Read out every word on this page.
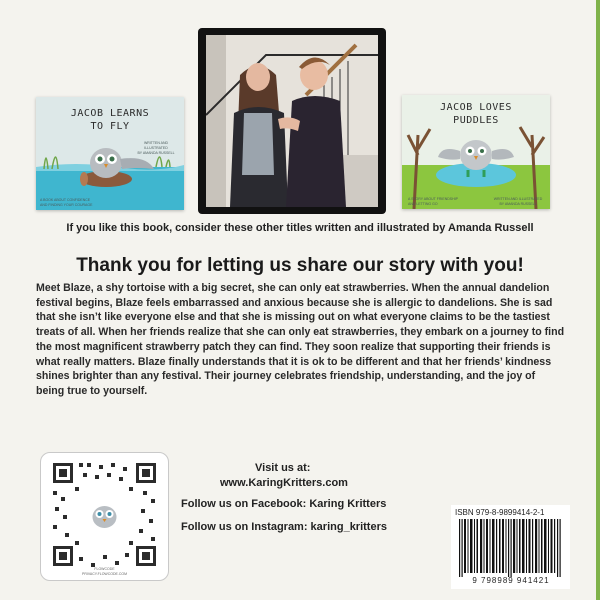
JACOB LEARNS
TO FLY
WRITTEN AND ILLUSTRATED
BY AMANDA RUSSELL
A BOOK ABOUT CONFIDENCE
AND FINDING YOUR COURAGE
JACOB LOVES
PUDDLES
A STORY ABOUT FRIENDSHIP
AND LETTING GO
WRITTEN AND ILLUSTRATED
BY AMANDA RUSSELL
If you like this book, consider these other titles written and illustrated by Amanda Russell
Thank you for letting us share our story with you!
Meet Blaze, a shy tortoise with a big secret, she can only eat strawberries. When the annual dandelion festival begins, Blaze feels embarrassed and anxious because she is allergic to dandelions. She is sad that she isn’t like everyone else and that she is missing out on what everyone claims to be the tastiest treats of all. When her friends realize that she can only eat strawberries, they embark on a journey to find the most magnificent strawberry patch they can find. They soon realize that supporting their friends is what really matters. Blaze finally understands that it is ok to be different and that her friends’ kindness shines brighter than any festival. Their journey celebrates friendship, understanding, and the joy of being true to yourself.
FLOWCODE
PRIVACY.FLOWCODE.COM
Visit us at:
www.KaringKritters.com
Follow us on Facebook: Karing Kritters
Follow us on Instagram: karing_kritters
ISBN 979-8-9899414-2-1
9 798989 941421
